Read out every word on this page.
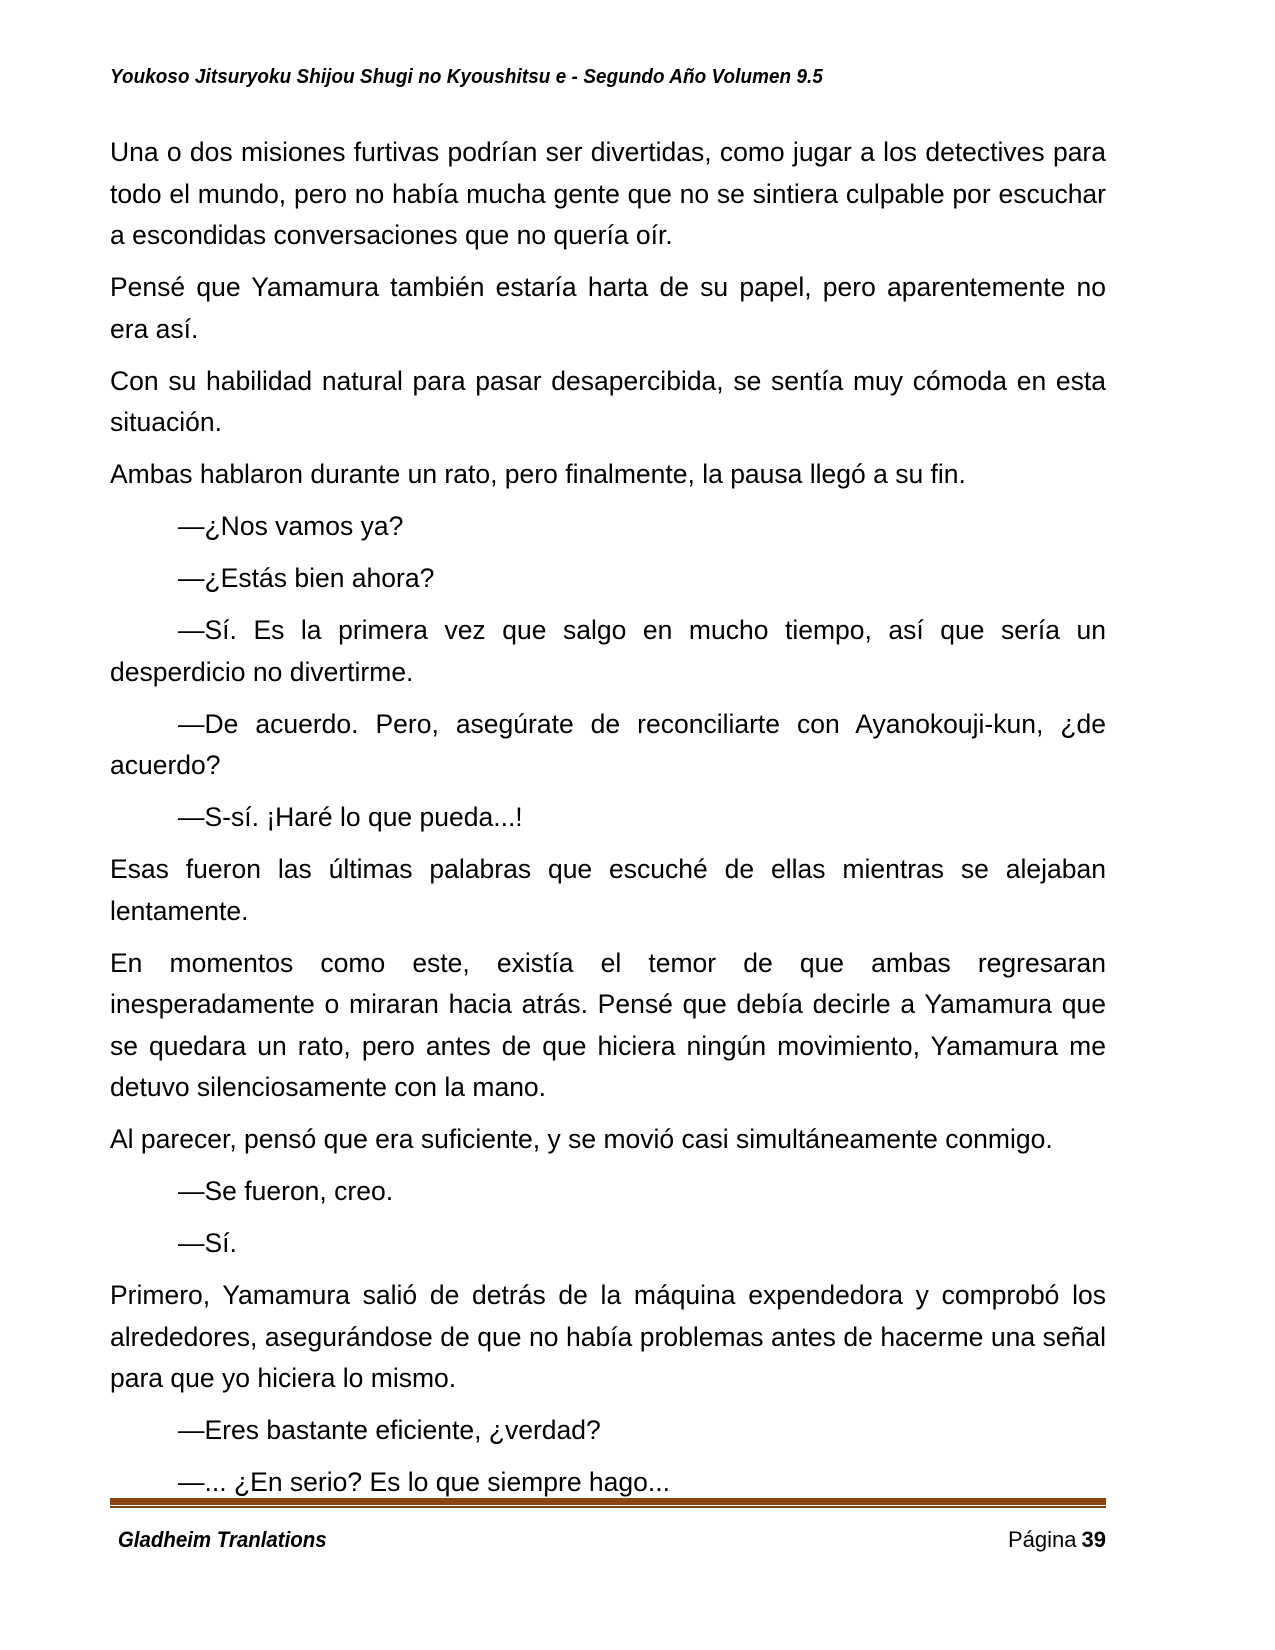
Youkoso Jitsuryoku Shijou Shugi no Kyoushitsu e - Segundo Año Volumen 9.5

Una o dos misiones furtivas podrían ser divertidas, como jugar a los detectives para todo el mundo, pero no había mucha gente que no se sintiera culpable por escuchar a escondidas conversaciones que no quería oír.

Pensé que Yamamura también estaría harta de su papel, pero aparentemente no era así.

Con su habilidad natural para pasar desapercibida, se sentía muy cómoda en esta situación.

Ambas hablaron durante un rato, pero finalmente, la pausa llegó a su fin.

—¿Nos vamos ya?

—¿Estás bien ahora?

—Sí. Es la primera vez que salgo en mucho tiempo, así que sería un desperdicio no divertirme.

—De acuerdo. Pero, asegúrate de reconciliarte con Ayanokouji-kun, ¿de acuerdo?

—S-sí. ¡Haré lo que pueda...!

Esas fueron las últimas palabras que escuché de ellas mientras se alejaban lentamente.

En momentos como este, existía el temor de que ambas regresaran inesperadamente o miraran hacia atrás. Pensé que debía decirle a Yamamura que se quedara un rato, pero antes de que hiciera ningún movimiento, Yamamura me detuvo silenciosamente con la mano.

Al parecer, pensó que era suficiente, y se movió casi simultáneamente conmigo.

—Se fueron, creo.

—Sí.

Primero, Yamamura salió de detrás de la máquina expendedora y comprobó los alrededores, asegurándose de que no había problemas antes de hacerme una señal para que yo hiciera lo mismo.

—Eres bastante eficiente, ¿verdad?

—... ¿En serio? Es lo que siempre hago...

Gladheim Tranlations	Página 39
